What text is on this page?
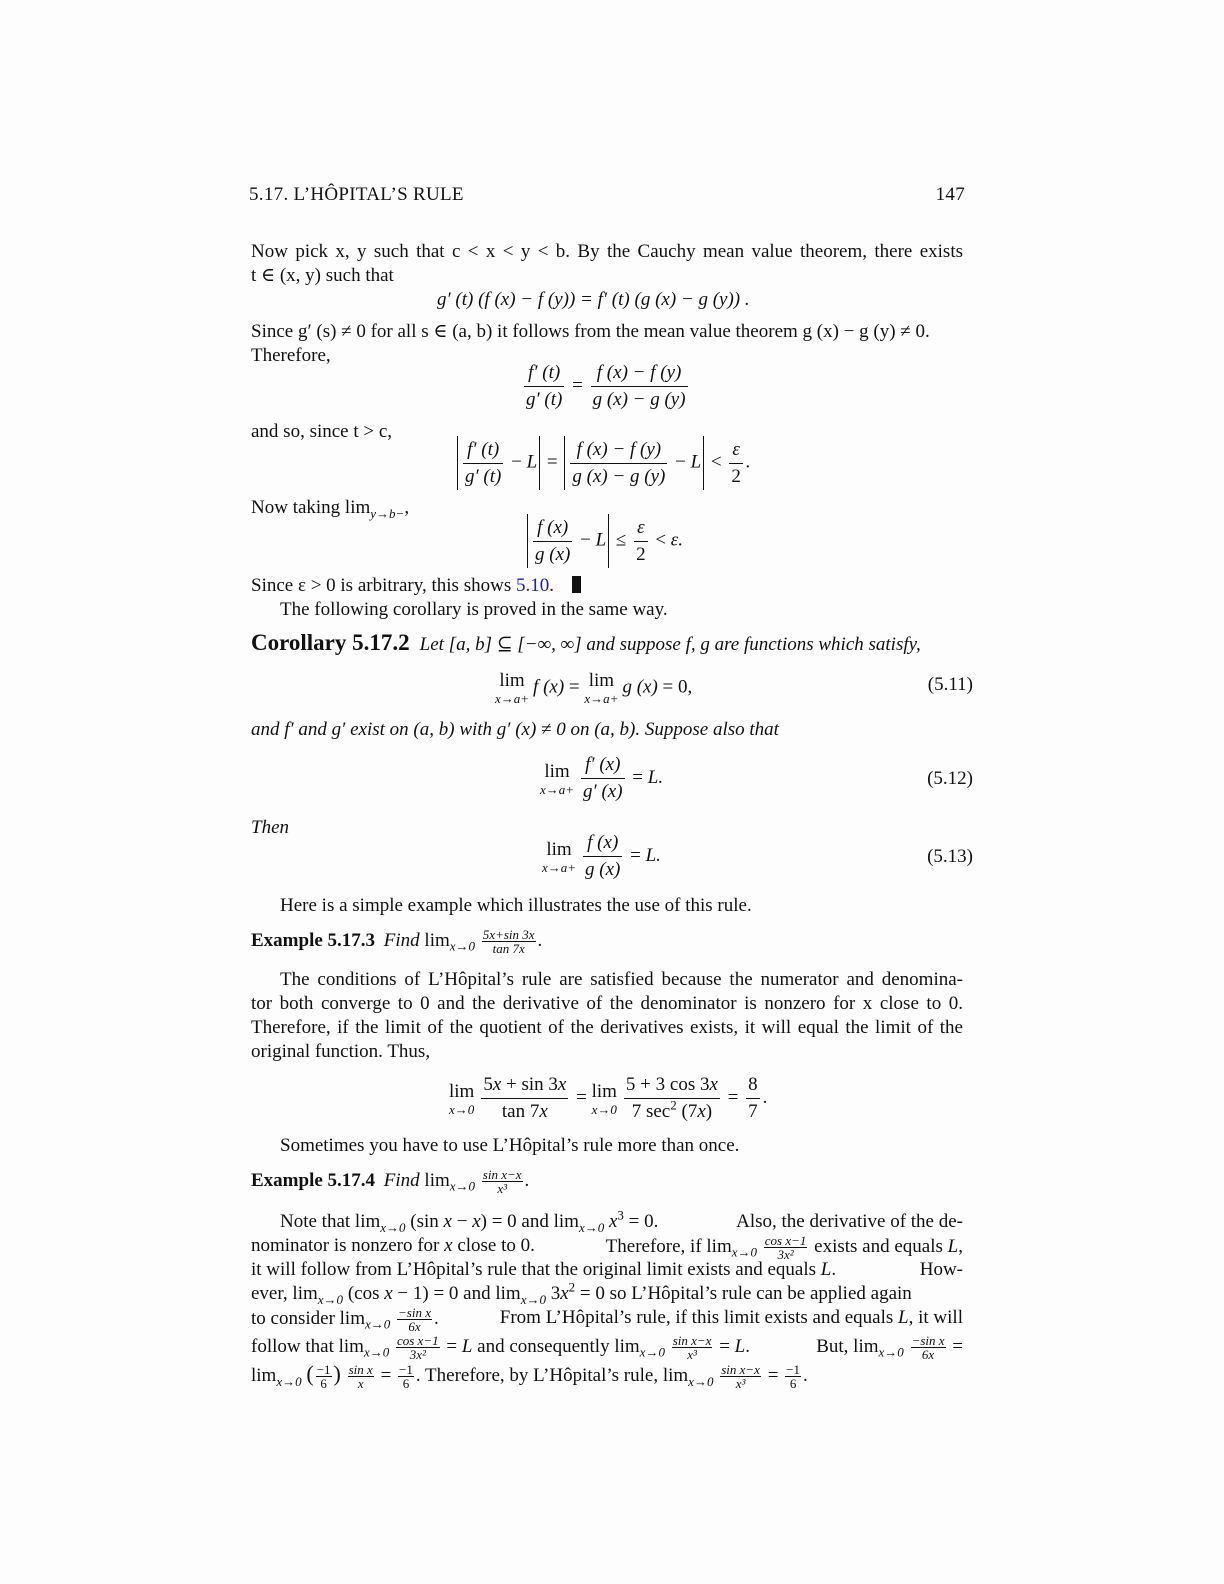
5.17. L’HÔPITAL’S RULE	147
Now pick x, y such that c < x < y < b. By the Cauchy mean value theorem, there exists
t ∈ (x, y) such that
g′ (t) (f (x) − f (y)) = f′ (t) (g (x) − g (y)) .
Since g′ (s) ≠ 0 for all s ∈ (a, b) it follows from the mean value theorem g (x) − g (y) ≠ 0.
Therefore,
$\frac{f' (t)}{g' (t)} = \frac{f (x) - f (y)}{g (x) - g (y)}$
and so, since t > c,
$\frac{f' (t)}{g' (t)} - L = \frac{f (x) - f (y)}{g (x) - g (y)} - L < \frac{\varepsilon}{2}$ .
Now taking $\lim_{y\to b-}$,
$\frac{f (x)}{g (x)} - L \le \frac{\varepsilon}{2} < \varepsilon$.
Since ε > 0 is arbitrary, this shows 5.10.
The following corollary is proved in the same way.
Corollary 5.17.2 Let [a, b] ⊆ [−∞, ∞] and suppose f, g are functions which satisfy,
lim
x→a+
f (x) = lim
x→a+
g (x) = 0,	(5.11)
and f′ and g′ exist on (a, b) with g′ (x) ≠ 0 on (a, b). Suppose also that
lim
$x\to a+ \frac{f' (x)}{g' (x)} = L$.	(5.12)
Then
lim
$x\to a+ \frac{f (x)}{g (x)} = L$.	(5.13)
Here is a simple example which illustrates the use of this rule.
Example 5.17.3 Find $\lim_{x\to 0} \frac{5x+\sin 3x}{\tan 7x}$ .
The conditions of L’Hôpital’s rule are satisfied because the numerator and denomina-
tor both converge to 0 and the derivative of the denominator is nonzero for x close to 0.
Therefore, if the limit of the quotient of the derivatives exists, it will equal the limit of the
original function. Thus,
lim
$x\to 0 \frac{5x + \sin 3x}{\tan 7x} = \lim$
$x\to 0 \frac{5 + 3 \cos 3x}{7 \sec^2 (7x)} = \frac{8}{7}$ .
Sometimes you have to use L’Hôpital’s rule more than once.
Example 5.17.4 Find $\lim_{x\to 0} \frac{\text{sin x−x}}{\text{x³}}$ .
Note that $\lim_{x\to 0} (\sin$ x − x) = 0 and $\lim_{x\to 0} x^3 = 0$.	Also, the derivative of the de-
nominator is nonzero for x close to 0.	Therefore, if $\lim_{x\to 0} \frac{\text{cos x−1}}{\text{3x²}}$ exists and equals L,
it will follow from L’Hôpital’s rule that the original limit exists and equals L.	How-
ever, $\lim_{x\to 0} (\cos$ x − 1) = 0 and $\lim_{x\to 0} 3x^2 = 0$ so L’Hôpital’s rule can be applied again
to consider $\lim_{x\to 0} \frac{\text{−sin x}}{6x}$ .	From L’Hôpital’s rule, if this limit exists and equals L, it will
follow that $\lim_{x\to 0} \frac{\text{cos x−1}}{\text{3x²}} = L$ and consequently $\lim_{x\to 0} \frac{\text{sin x−x}}{\text{x³}} = L$.	But, $\lim_{x\to 0} \frac{\text{−sin x}}{6x}$ =
$\lim_{x\to 0}$ ( $\frac{-1}{6}$ ) $\frac{\text{sin x}}{x} = \frac{-1}{6}$ . Therefore, by L’Hôpital’s rule, $\lim_{x\to 0} \frac{\text{sin x−x}}{\text{x³}} = \frac{-1}{6}$ .
